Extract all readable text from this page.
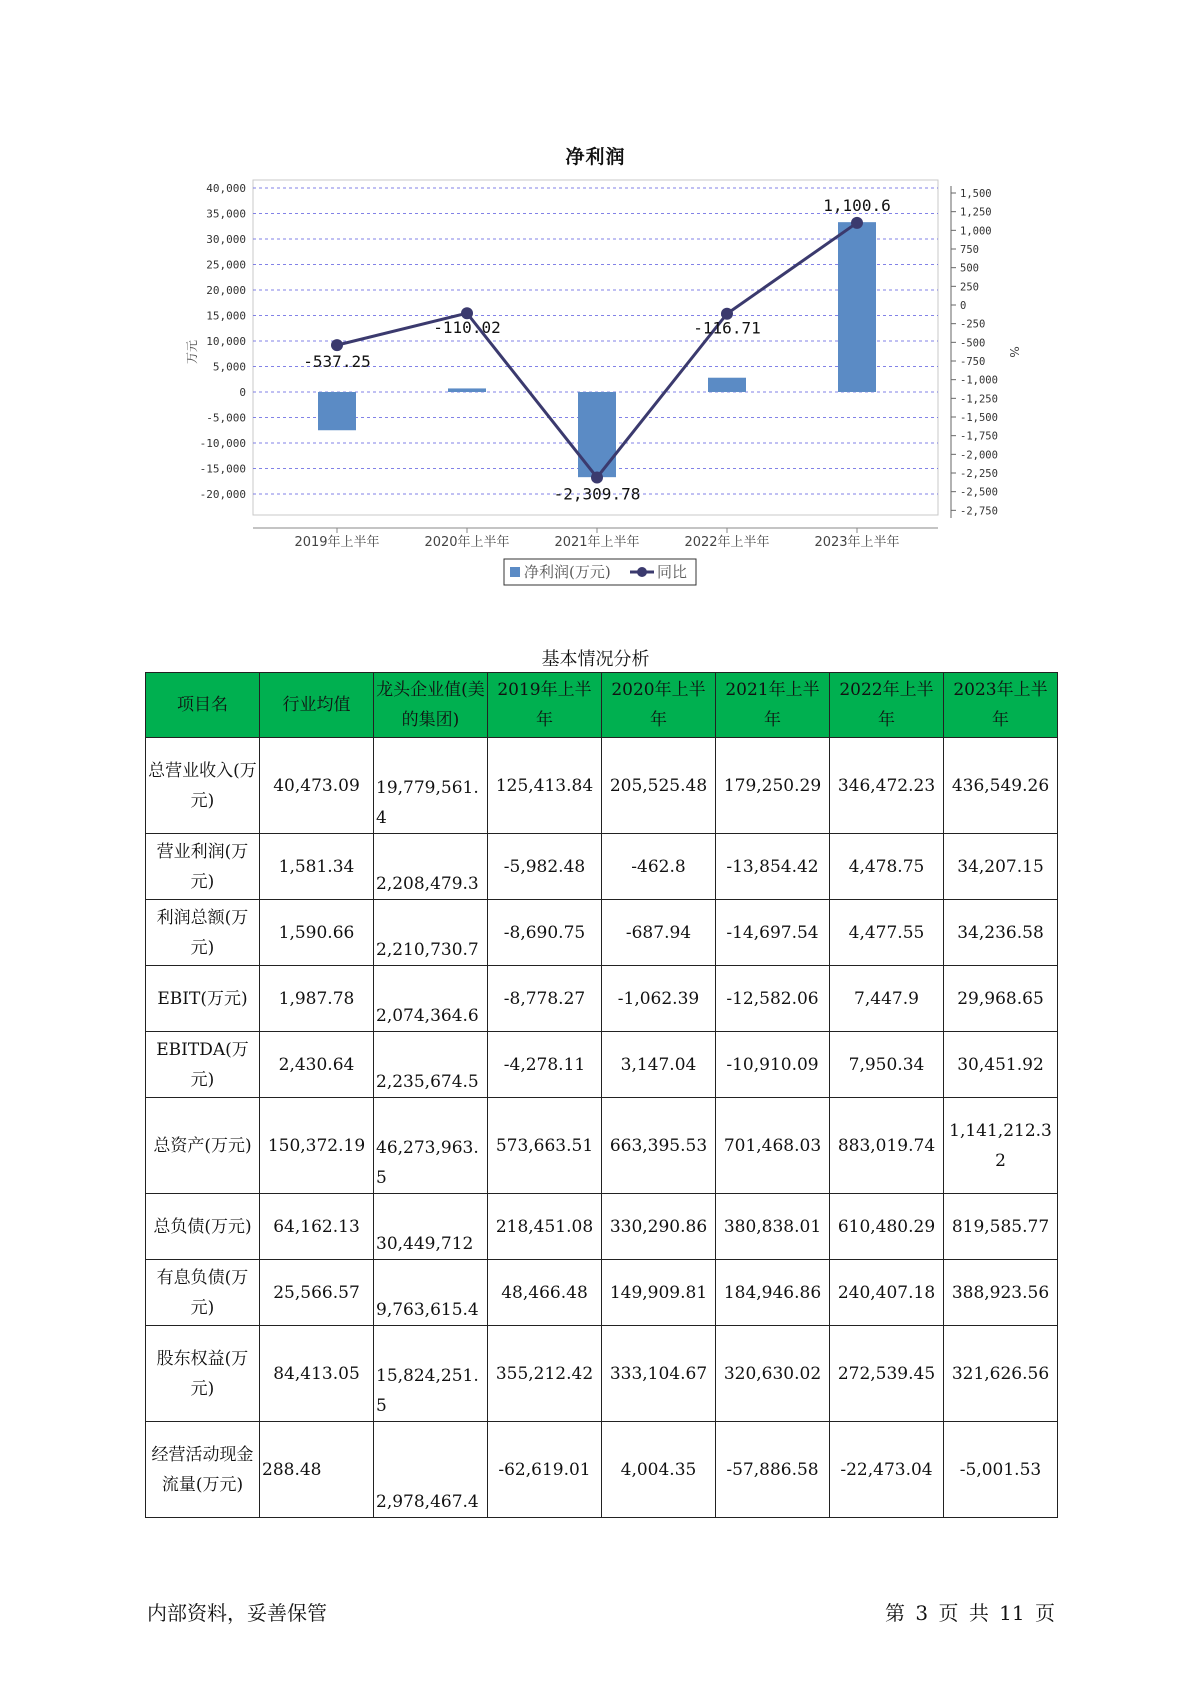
净利润
40,000
35,000
30,000
25,000
20,000
15,000
10,000
5,000
0
-5,000
-10,000
-15,000
-20,000
万元
1,500
1,250
1,000
750
500
250
0
-250
-500
-750
-1,000
-1,250
-1,500
-1,750
-2,000
-2,250
-2,500
-2,750
%
2019年上半年	2020年上半年	2021年上半年	2022年上半年	2023年上半年
-537.25
-110.02
-2,309.78
-116.71
1,100.6
净利润(万元)	同比
基本情况分析
项目名	行业均值	龙头企业值(美的集团)	2019年上半年	2020年上半年	2021年上半年	2022年上半年	2023年上半年
总营业收入(万元)	40,473.09	19,779,561.4	125,413.84	205,525.48	179,250.29	346,472.23	436,549.26
营业利润(万元)	1,581.34	2,208,479.3	-5,982.48	-462.8	-13,854.42	4,478.75	34,207.15
利润总额(万元)	1,590.66	2,210,730.7	-8,690.75	-687.94	-14,697.54	4,477.55	34,236.58
EBIT(万元)	1,987.78	2,074,364.6	-8,778.27	-1,062.39	-12,582.06	7,447.9	29,968.65
EBITDA(万元)	2,430.64	2,235,674.5	-4,278.11	3,147.04	-10,910.09	7,950.34	30,451.92
总资产(万元)	150,372.19	46,273,963.5	573,663.51	663,395.53	701,468.03	883,019.74	1,141,212.32
总负债(万元)	64,162.13	30,449,712	218,451.08	330,290.86	380,838.01	610,480.29	819,585.77
有息负债(万元)	25,566.57	9,763,615.4	48,466.48	149,909.81	184,946.86	240,407.18	388,923.56
股东权益(万元)	84,413.05	15,824,251.5	355,212.42	333,104.67	320,630.02	272,539.45	321,626.56
经营活动现金流量(万元)	288.48	2,978,467.4	-62,619.01	4,004.35	-57,886.58	-22,473.04	-5,001.53
内部资料，妥善保管	第 3 页 共 11 页
